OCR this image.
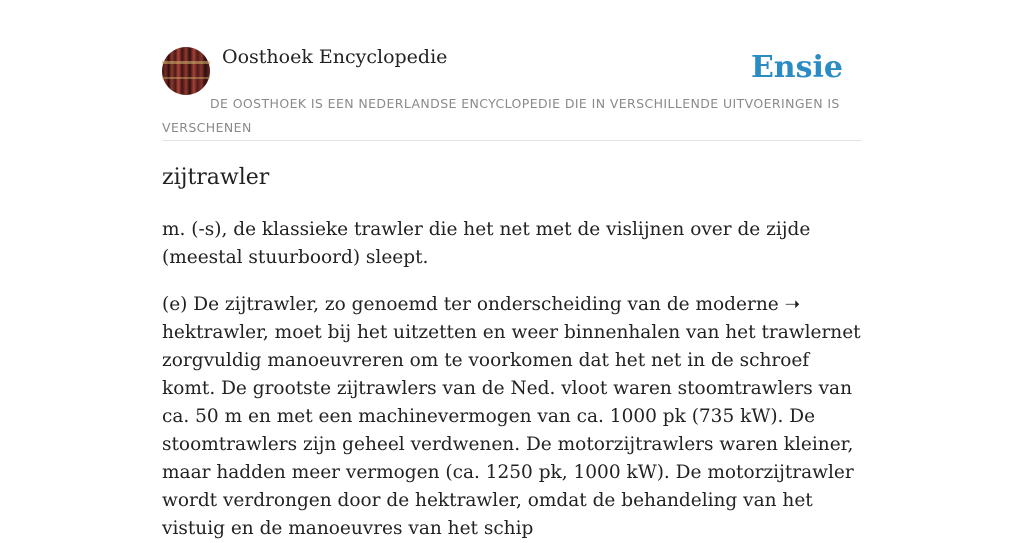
Oosthoek Encyclopedie	Ensie
DE OOSTHOEK IS EEN NEDERLANDSE ENCYCLOPEDIE DIE IN VERSCHILLENDE UITVOERINGEN IS VERSCHENEN
zijtrawler

m. (-s), de klassieke trawler die het net met de vislijnen over de zijde (meestal stuurboord) sleept.

(e) De zijtrawler, zo genoemd ter onderscheiding van de moderne ➝ hektrawler, moet bij het uitzetten en weer binnenhalen van het trawlernet zorgvuldig manoeuvreren om te voorkomen dat het net in de schroef komt. De grootste zijtrawlers van de Ned. vloot waren stoomtrawlers van ca. 50 m en met een machinevermogen van ca. 1000 pk (735 kW). De stoomtrawlers zijn geheel verdwenen. De motorzijtrawlers waren kleiner, maar hadden meer vermogen (ca. 1250 pk, 1000 kW). De motorzijtrawler wordt verdrongen door de hektrawler, omdat de behandeling van het vistuig en de manoeuvres van het schip
